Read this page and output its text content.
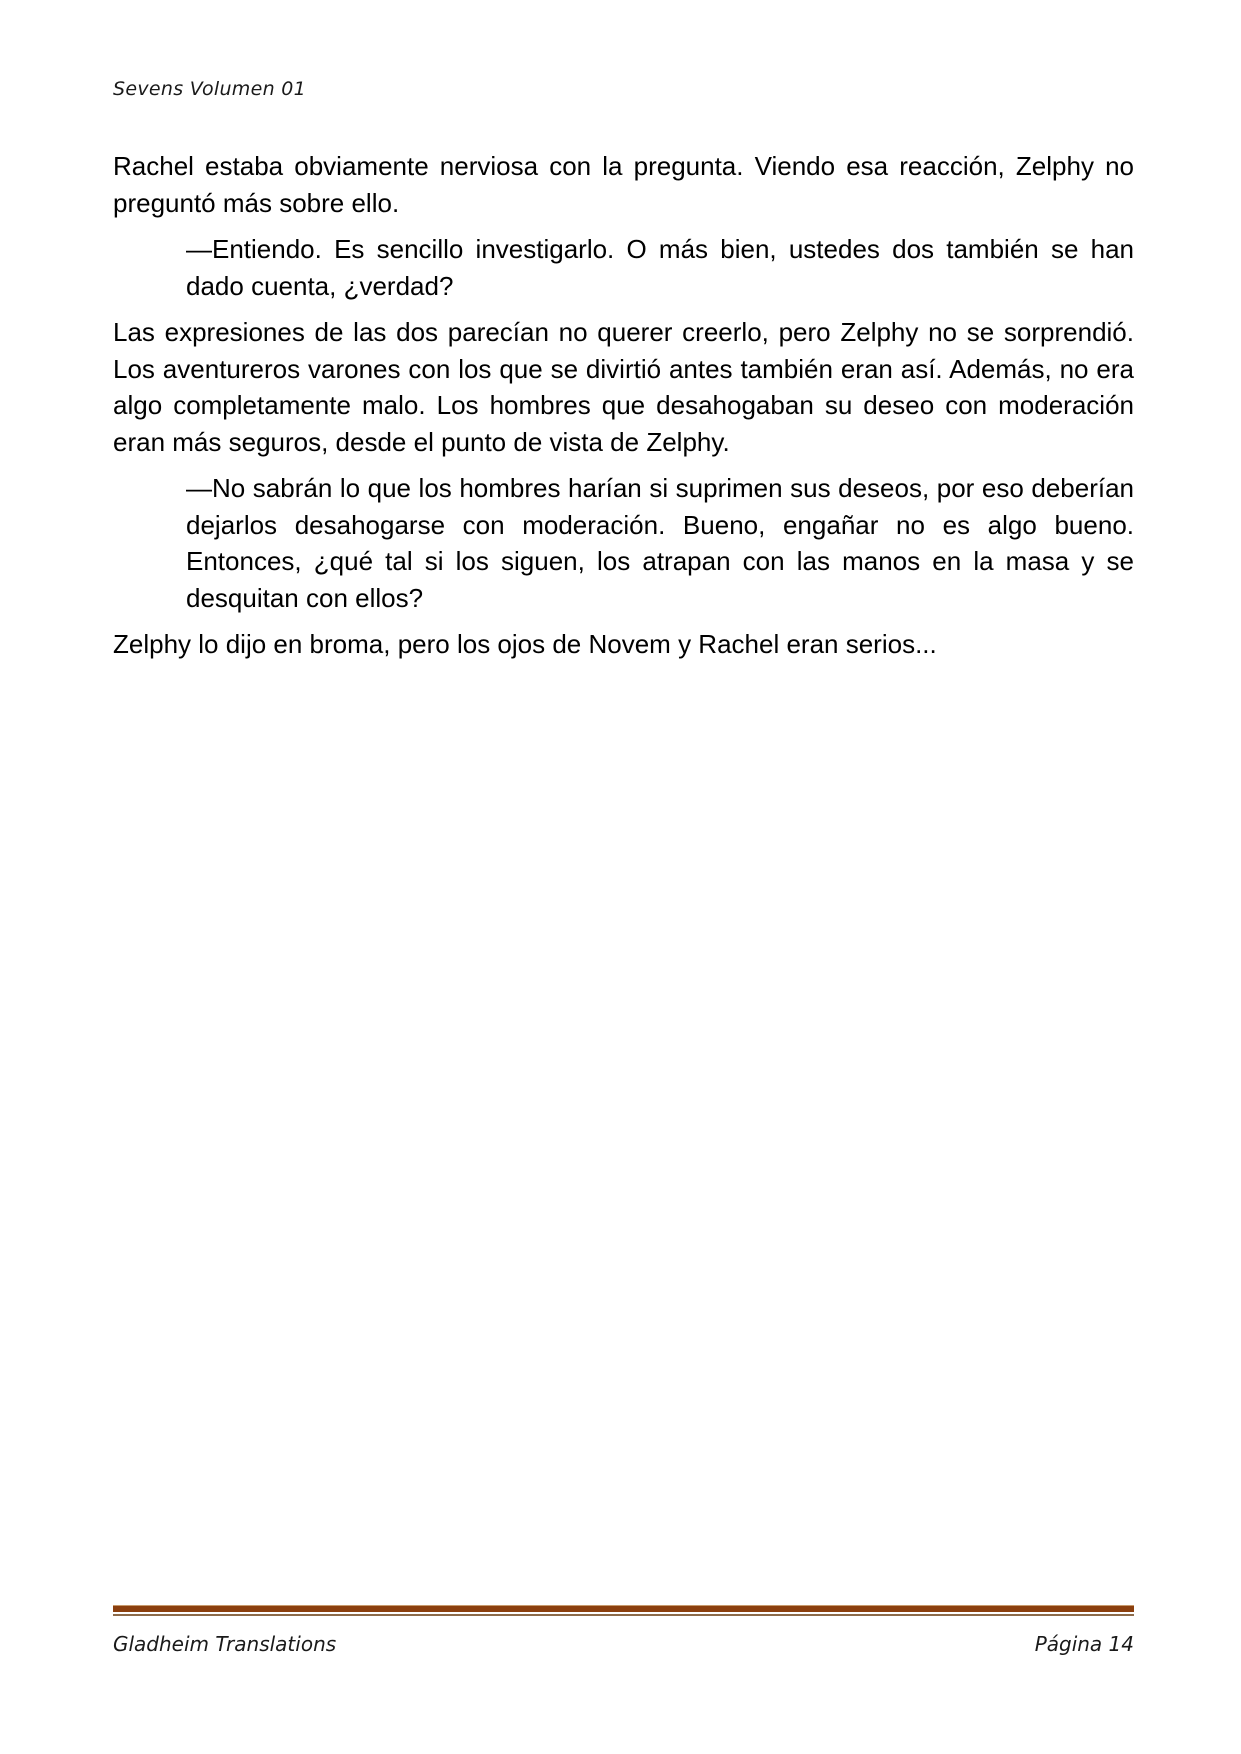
Sevens Volumen 01

Rachel estaba obviamente nerviosa con la pregunta. Viendo esa reacción, Zelphy no preguntó más sobre ello.

—Entiendo. Es sencillo investigarlo. O más bien, ustedes dos también se han dado cuenta, ¿verdad?

Las expresiones de las dos parecían no querer creerlo, pero Zelphy no se sorprendió. Los aventureros varones con los que se divirtió antes también eran así. Además, no era algo completamente malo. Los hombres que desahogaban su deseo con moderación eran más seguros, desde el punto de vista de Zelphy.

—No sabrán lo que los hombres harían si suprimen sus deseos, por eso deberían dejarlos desahogarse con moderación. Bueno, engañar no es algo bueno. Entonces, ¿qué tal si los siguen, los atrapan con las manos en la masa y se desquitan con ellos?

Zelphy lo dijo en broma, pero los ojos de Novem y Rachel eran serios...

Gladheim Translations	Página 14
